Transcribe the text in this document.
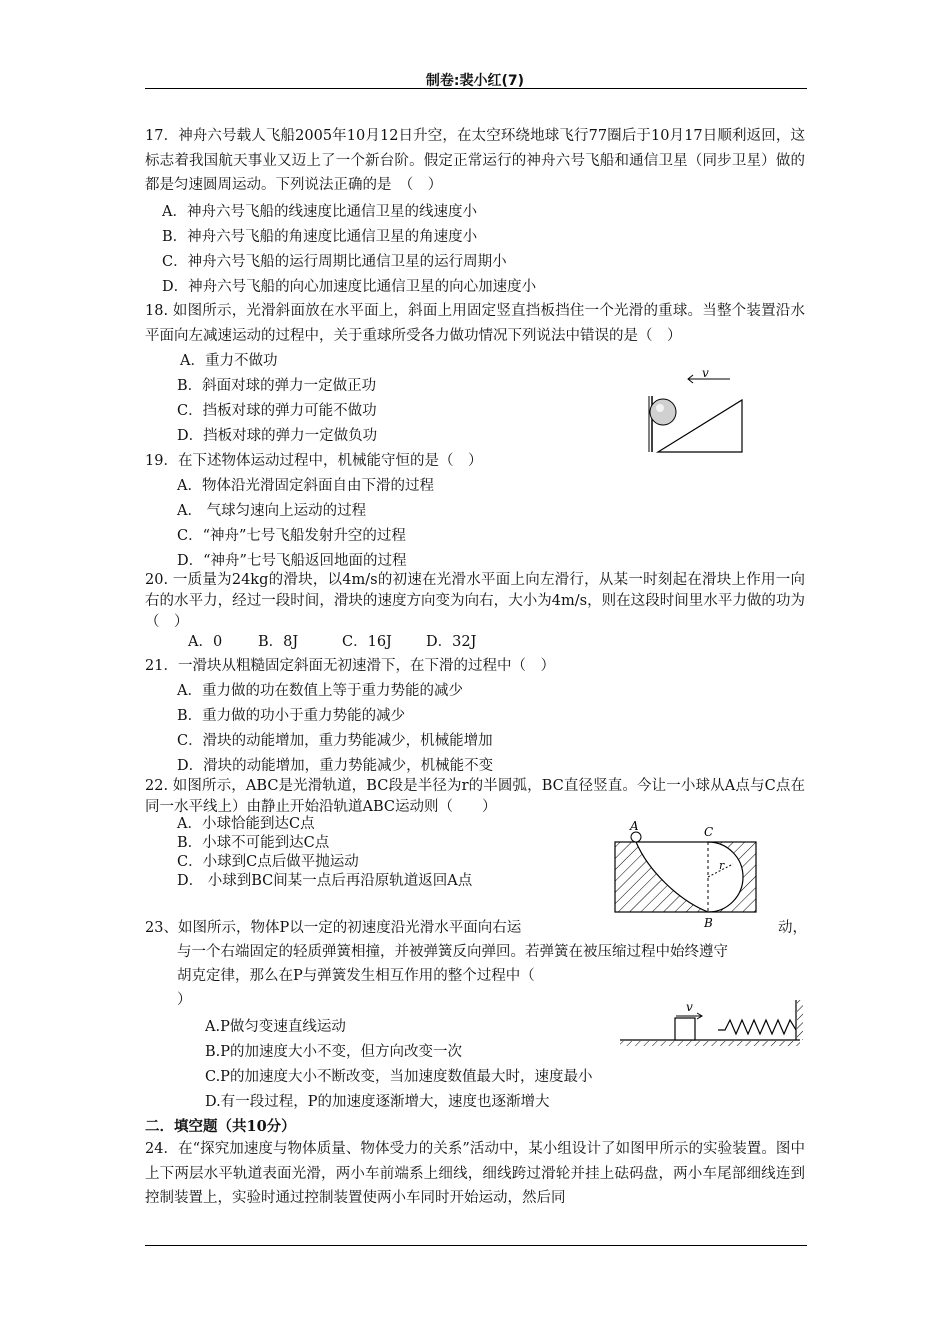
制卷:裴小红(7)
17．神舟六号载人飞船2005年10月12日升空，在太空环绕地球飞行77圈后于10月17日顺利返回，这标志着我国航天事业又迈上了一个新台阶。假定正常运行的神舟六号飞船和通信卫星（同步卫星）做的都是匀速圆周运动。下列说法正确的是　（　）
A．神舟六号飞船的线速度比通信卫星的线速度小
B．神舟六号飞船的角速度比通信卫星的角速度小
C．神舟六号飞船的运行周期比通信卫星的运行周期小
D．神舟六号飞船的向心加速度比通信卫星的向心加速度小
18. 如图所示，光滑斜面放在水平面上，斜面上用固定竖直挡板挡住一个光滑的重球。当整个装置沿水平面向左减速运动的过程中，关于重球所受各力做功情况下列说法中错误的是（　）
A．重力不做功
B．斜面对球的弹力一定做正功
C．挡板对球的弹力可能不做功
D．挡板对球的弹力一定做负功
v
19．在下述物体运动过程中，机械能守恒的是（　）
A．物体沿光滑固定斜面自由下滑的过程
A． 气球匀速向上运动的过程
C．“神舟”七号飞船发射升空的过程
D．“神舟”七号飞船返回地面的过程
20. 一质量为24kg的滑块，以4m/s的初速在光滑水平面上向左滑行，从某一时刻起在滑块上作用一向右的水平力，经过一段时间，滑块的速度方向变为向右，大小为4m/s，则在这段时间里水平力做的功为（　）
A．0 B．8J	C．16J D．32J
21．一滑块从粗糙固定斜面无初速滑下，在下滑的过程中（　）
A．重力做的功在数值上等于重力势能的减少
B．重力做的功小于重力势能的减少
C．滑块的动能增加，重力势能减少，机械能增加
D．滑块的动能增加，重力势能减少，机械能不变
22. 如图所示，ABC是光滑轨道，BC段是半径为r的半圆弧，BC直径竖直。今让一小球从A点与C点在同一水平线上）由静止开始沿轨道ABC运动则（　　）
A．小球恰能到达C点
B．小球不可能到达C点
C．小球到C点后做平抛运动
D． 小球到BC间某一点后再沿原轨道返回A点
A	C
B
r
23、如图所示，物体P以一定的初速度沿光滑水平面向右运	动，
与一个右端固定的轻质弹簧相撞，并被弹簧反向弹回。若弹簧在被压缩过程中始终遵守
胡克定律，那么在P与弹簧发生相互作用的整个过程中（
）
A.P做匀变速直线运动
B.P的加速度大小不变，但方向改变一次
C.P的加速度大小不断改变，当加速度数值最大时，速度最小
D.有一段过程，P的加速度逐渐增大，速度也逐渐增大
v
二．填空题（共10分）
24．在“探究加速度与物体质量、物体受力的关系”活动中，某小组设计了如图甲所示的实验装置。图中上下两层水平轨道表面光滑，两小车前端系上细线，细线跨过滑轮并挂上砝码盘，两小车尾部细线连到控制装置上，实验时通过控制装置使两小车同时开始运动，然后同
